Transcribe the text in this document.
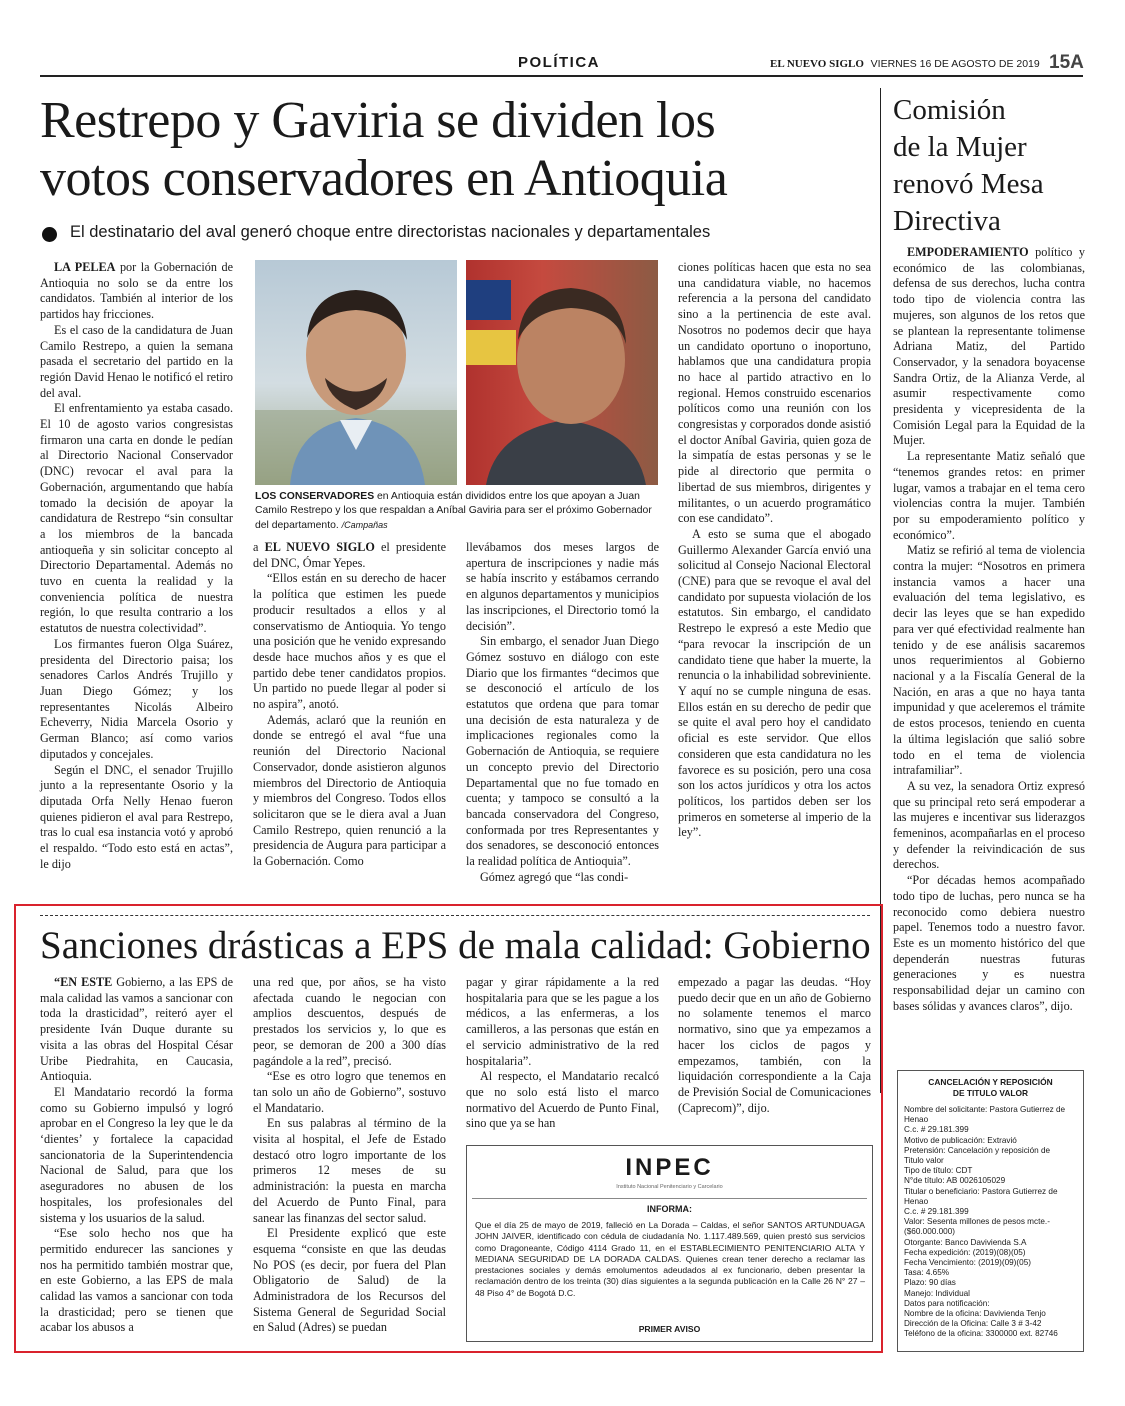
POLÍTICA	EL NUEVO SIGLO VIERNES 16 DE AGOSTO DE 2019 15A
Restrepo y Gaviria se dividen los
votos conservadores en Antioquia
El destinatario del aval generó choque entre directoristas nacionales y departamentales

LA PELEA por la Gobernación de Antioquia no solo se da entre los candidatos. También al interior de los partidos hay fricciones.

Es el caso de la candidatura de Juan Camilo Restrepo, a quien la semana pasada el secretario del partido en la región David Henao le notificó el retiro del aval.

El enfrentamiento ya estaba casado. El 10 de agosto varios congresistas firmaron una carta en donde le pedían al Directorio Nacional Conservador (DNC) revocar el aval para la Gobernación, argumentando que había tomado la decisión de apoyar la candidatura de Restrepo “sin consultar a los miembros de la bancada antioqueña y sin solicitar concepto al Directorio Departamental. Además no tuvo en cuenta la realidad y la conveniencia política de nuestra región, lo que resulta contrario a los estatutos de nuestra colectividad”.

Los firmantes fueron Olga Suárez, presidenta del Directorio paisa; los senadores Carlos Andrés Trujillo y Juan Diego Gómez; y los representantes Nicolás Albeiro Echeverry, Nidia Marcela Osorio y German Blanco; así como varios diputados y concejales.

Según el DNC, el senador Trujillo junto a la representante Osorio y la diputada Orfa Nelly Henao fueron quienes pidieron el aval para Restrepo, tras lo cual esa instancia votó y aprobó el respaldo. “Todo esto está en actas”, le dijo

LOS CONSERVADORES en Antioquia están divididos entre los que apoyan a Juan Camilo Restrepo y los que respaldan a Aníbal Gaviria para ser el próximo Gobernador del departamento. /Campañas

a EL NUEVO SIGLO el presidente del DNC, Ómar Yepes.

“Ellos están en su derecho de hacer la política que estimen les puede producir resultados a ellos y al conservatismo de Antioquia. Yo tengo una posición que he venido expresando desde hace muchos años y es que el partido debe tener candidatos propios. Un partido no puede llegar al poder si no aspira”, anotó.

Además, aclaró que la reunión en donde se entregó el aval “fue una reunión del Directorio Nacional Conservador, donde asistieron algunos miembros del Directorio de Antioquia y miembros del Congreso. Todos ellos solicitaron que se le diera aval a Juan Camilo Restrepo, quien renunció a la presidencia de Augura para participar a la Gobernación. Como

llevábamos dos meses largos de apertura de inscripciones y nadie más se había inscrito y estábamos cerrando en algunos departamentos y municipios las inscripciones, el Directorio tomó la decisión”.

Sin embargo, el senador Juan Diego Gómez sostuvo en diálogo con este Diario que los firmantes “decimos que se desconoció el artículo de los estatutos que ordena que para tomar una decisión de esta naturaleza y de implicaciones regionales como la Gobernación de Antioquia, se requiere un concepto previo del Directorio Departamental que no fue tomado en cuenta; y tampoco se consultó a la bancada conservadora del Congreso, conformada por tres Representantes y dos senadores, se desconoció entonces la realidad política de Antioquia”.

Gómez agregó que “las condi-

ciones políticas hacen que esta no sea una candidatura viable, no hacemos referencia a la persona del candidato sino a la pertinencia de este aval. Nosotros no podemos decir que haya un candidato oportuno o inoportuno, hablamos que una candidatura propia no hace al partido atractivo en lo regional. Hemos construido escenarios políticos como una reunión con los congresistas y corporados donde asistió el doctor Aníbal Gaviria, quien goza de la simpatía de estas personas y se le pide al directorio que permita o libertad de sus miembros, dirigentes y militantes, o un acuerdo programático con ese candidato”.

A esto se suma que el abogado Guillermo Alexander García envió una solicitud al Consejo Nacional Electoral (CNE) para que se revoque el aval del candidato por supuesta violación de los estatutos. Sin embargo, el candidato Restrepo le expresó a este Medio que “para revocar la inscripción de un candidato tiene que haber la muerte, la renuncia o la inhabilidad sobreviniente. Y aquí no se cumple ninguna de esas. Ellos están en su derecho de pedir que se quite el aval pero hoy el candidato oficial es este servidor. Que ellos consideren que esta candidatura no les favorece es su posición, pero una cosa son los actos jurídicos y otra los actos políticos, los partidos deben ser los primeros en someterse al imperio de la ley”.

Comisión
de la Mujer
renovó Mesa
Directiva

EMPODERAMIENTO político y económico de las colombianas, defensa de sus derechos, lucha contra todo tipo de violencia contra las mujeres, son algunos de los retos que se plantean la representante tolimense Adriana Matiz, del Partido Conservador, y la senadora boyacense Sandra Ortiz, de la Alianza Verde, al asumir respectivamente como presidenta y vicepresidenta de la Comisión Legal para la Equidad de la Mujer.

La representante Matiz señaló que “tenemos grandes retos: en primer lugar, vamos a trabajar en el tema cero violencias contra la mujer. También por su empoderamiento político y económico”.

Matiz se refirió al tema de violencia contra la mujer: “Nosotros en primera instancia vamos a hacer una evaluación del tema legislativo, es decir las leyes que se han expedido para ver qué efectividad realmente han tenido y de ese análisis sacaremos unos requerimientos al Gobierno nacional y a la Fiscalía General de la Nación, en aras a que no haya tanta impunidad y que aceleremos el trámite de estos procesos, teniendo en cuenta la última legislación que salió sobre todo en el tema de violencia intrafamiliar”.

A su vez, la senadora Ortiz expresó que su principal reto será empoderar a las mujeres e incentivar sus liderazgos femeninos, acompañarlas en el proceso y defender la reivindicación de sus derechos.

“Por décadas hemos acompañado todo tipo de luchas, pero nunca se ha reconocido como debiera nuestro papel. Tenemos todo a nuestro favor. Este es un momento histórico del que dependerán nuestras futuras generaciones y es nuestra responsabilidad dejar un camino con bases sólidas y avances claros”, dijo.

Sanciones drásticas a EPS de mala calidad: Gobierno

“EN ESTE Gobierno, a las EPS de mala calidad las vamos a sancionar con toda la drasticidad”, reiteró ayer el presidente Iván Duque durante su visita a las obras del Hospital César Uribe Piedrahita, en Caucasia, Antioquia.

El Mandatario recordó la forma como su Gobierno impulsó y logró aprobar en el Congreso la ley que le da ‘dientes’ y fortalece la capacidad sancionatoria de la Superintendencia Nacional de Salud, para que los aseguradores no abusen de los hospitales, los profesionales del sistema y los usuarios de la salud.

“Ese solo hecho nos que ha permitido endurecer las sanciones y nos ha permitido también mostrar que, en este Gobierno, a las EPS de mala calidad las vamos a sancionar con toda la drasticidad; pero se tienen que acabar los abusos a

una red que, por años, se ha visto afectada cuando le negocian con amplios descuentos, después de prestados los servicios y, lo que es peor, se demoran de 200 a 300 días pagándole a la red”, precisó.

“Ese es otro logro que tenemos en tan solo un año de Gobierno”, sostuvo el Mandatario.

En sus palabras al término de la visita al hospital, el Jefe de Estado destacó otro logro importante de los primeros 12 meses de su administración: la puesta en marcha del Acuerdo de Punto Final, para sanear las finanzas del sector salud.

El Presidente explicó que este esquema “consiste en que las deudas No POS (es decir, por fuera del Plan Obligatorio de Salud) de la Administradora de los Recursos del Sistema General de Seguridad Social en Salud (Adres) se puedan

pagar y girar rápidamente a la red hospitalaria para que se les pague a los médicos, a las enfermeras, a los camilleros, a las personas que están en el servicio administrativo de la red hospitalaria”.

Al respecto, el Mandatario recalcó que no solo está listo el marco normativo del Acuerdo de Punto Final, sino que ya se han

empezado a pagar las deudas. “Hoy puedo decir que en un año de Gobierno no solamente tenemos el marco normativo, sino que ya empezamos a hacer los ciclos de pagos y empezamos, también, con la liquidación correspondiente a la Caja de Previsión Social de Comunicaciones (Caprecom)”, dijo.

INPEC
Instituto Nacional Penitenciario y Carcelario
INFORMA:
Que el día 25 de mayo de 2019, falleció en La Dorada – Caldas, el señor SANTOS ARTUNDUAGA JOHN JAIVER, identificado con cédula de ciudadanía No. 1.117.489.569, quien prestó sus servicios como Dragoneante, Código 4114 Grado 11, en el ESTABLECIMIENTO PENITENCIARIO ALTA Y MEDIANA SEGURIDAD DE LA DORADA CALDAS. Quienes crean tener derecho a reclamar las prestaciones sociales y demás emolumentos adeudados al ex funcionario, deben presentar la reclamación dentro de los treinta (30) días siguientes a la segunda publicación en la Calle 26 N° 27 – 48 Piso 4° de Bogotá D.C.
PRIMER AVISO
CANCELACIÓN Y REPOSICIÓN
DE TITULO VALOR
Nombre del solicitante: Pastora Gutierrez de Henao
C.c. # 29.181.399
Motivo de publicación: Extravió
Pretensión: Cancelación y reposición de
Titulo valor
Tipo de título: CDT
N°de título: AB 0026105029
Titular o beneficiario: Pastora Gutierrez de Henao
C.c. # 29.181.399
Valor: Sesenta millones de pesos mcte.-
($60.000.000)
Otorgante: Banco Davivienda S.A
Fecha expedición: (2019)(08)(05)
Fecha Vencimiento: (2019)(09)(05)
Tasa: 4.65%
Plazo: 90 días
Manejo: Individual
Datos para notificación:
Nombre de la oficina: Davivienda Tenjo
Dirección de la Oficina: Calle 3 # 3-42
Teléfono de la oficina: 3300000 ext. 82746
